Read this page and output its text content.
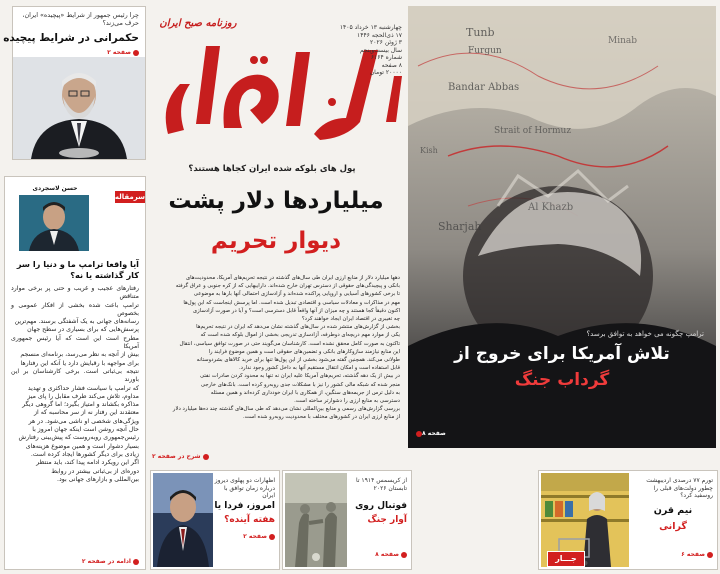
چرا رئیس جمهور از شرایط «پیچیده» ایران، حرف می‌زند؟
حکمرانی در شرایط پیچیده
صفحه ۲
روزنامه صبح ایران	چهارشنبه ۱۳ خرداد ۱۴۰۵
۱۷ ذی‌الحجه ۱۴۴۶
۳ ژوئن ۲۰۲۶
سال بیست‌وپنجم
شماره ۶۱۶۴
۸ صفحه
۲۰۰۰۰ تومان
سرمقاله
حسن لاسجردی
آیا واقعا ترامپ ما و دنیا را سر کار گذاشته یا نه؟
رفتارهای عجیب و غریب و حتی پر برخی موارد متناقض
ترامپ باعث شده بخشی از افکار عمومی و بخصوص
رسانه‌های جهانی به یک آشفتگی برسند. مهم‌ترین
پرسش‌هایی که برای بسیاری در سطح جهان
مطرح است این است که آیا رئیس جمهوری آمریکا
بیش از آنچه به نظر می‌رسد، برنامه‌ای منسجم
برای مواجهه با رقبایش دارد یا آنکه این رفتارها
نتیجه بی‌ثباتی است. برخی کارشناسان بر این باورند
که ترامپ با سیاست فشار حداکثری و تهدید
مداوم، تلاش می‌کند طرف مقابل را پای میز
مذاکره بکشاند و امتیاز بگیرد؛ اما گروهی دیگر
معتقدند این رفتار نه از سر محاسبه که از
ویژگی‌های شخصی او ناشی می‌شود. در هر
حال آنچه روشن است اینکه جهان امروز با
رئیس‌جمهوری روبه‌روست که پیش‌بینی رفتارش
بسیار دشوار است و همین موضوع هزینه‌های
زیادی برای دیگر کشورها ایجاد کرده است.
اگر این رویکرد ادامه پیدا کند، باید منتظر
دوره‌ای از بی‌ثباتی بیشتر در روابط
بین‌المللی و بازارهای جهانی بود.
ادامه در صفحه ۲
پول های بلوکه شده ایران کجاها هستند؟
میلیاردها دلار پشت
دیوار تحریم
دهها میلیارد دلار از منابع ارزی ایران طی سال‌های گذشته در نتیجه تحریم‌های آمریکا، محدودیت‌های
بانکی و پیچیدگی‌های حقوقی از دسترس تهران خارج شده‌اند. داراییهایی که از کره جنوبی و عراق گرفته
تا برخی کشورهای آسیایی و اروپایی پراکنده شده‌اند و آزادسازی احتمالی آنها بارها به موضوعی
مهم در مذاکرات و معادلات سیاسی و اقتصادی تبدیل شده است. اما پرسش اینجاست که این پول‌ها
اکنون دقیقاً کجا هستند و چه میزان از آنها واقعاً قابل دسترسی است؟ و آیا در صورت آزادسازی
چه تغییری در اقتصاد ایران ایجاد خواهند کرد؟
بخشی از گزارش‌های منتشر شده در سال‌های گذشته نشان می‌دهد که ایران در نتیجه تحریم‌ها
یکی از موارد مهم دریچه‌ای دوطرفه، آزادسازی تدریجی بخشی از اموال بلوکه شده است که
تاکنون به صورت کامل محقق نشده است. کارشناسان می‌گویند حتی در صورت توافق سیاسی، انتقال
این منابع نیازمند سازوکارهای بانکی و تضمین‌های حقوقی است و همین موضوع فرایند را
طولانی می‌کند. همچنین گفته می‌شود بخشی از این پول‌ها تنها برای خرید کالاهای بشردوستانه
قابل استفاده است و امکان انتقال مستقیم آنها به داخل کشور وجود ندارد.
در بیش از یک دهه گذشته، تحریم‌های آمریکا علیه ایران نه تنها به محدود کردن صادرات نفتی
منجر شده که شبکه مالی کشور را نیز با مشکلات جدی روبه‌رو کرده است. بانک‌های خارجی
به دلیل ترس از جریمه‌های سنگین، از همکاری با ایران خودداری کرده‌اند و همین مسئله
دسترسی به منابع ارزی را دشوارتر ساخته است.
بررسی گزارش‌های رسمی و منابع بین‌المللی نشان می‌دهد که طی سال‌های گذشته چند ده‌ها میلیارد دلار
از منابع ارزی ایران در کشورهای مختلف با محدودیت روبه‌رو شده است.
شرح در صفحه ۲
Tunb
Furgun
Bandar Abbas
Sharjah
Al Khazb
Strait of Hormuz
Minab
Kish
ترامپ چگونه می خواهد به توافق برسد؟
تلاش آمریکا برای خروج از
گرداب جنگ
صفحه ۸
اظهارات دو پهلوی دیروز درباره زمان توافق با ایران
امروز، فردا یا
هفته آینده؟
صفحه ۲
از کریسمس ۱۹۱۴ تا تابستان ۲۰۲۶
فوتبال روی
آوار جنگ
صفحه ۸	جـــار
تورم ۷۷ درصدی اردیبهشت چطور دولت‌های قبلی را روسفید کرد؟
نیم قرن
گرانی
صفحه ۶
